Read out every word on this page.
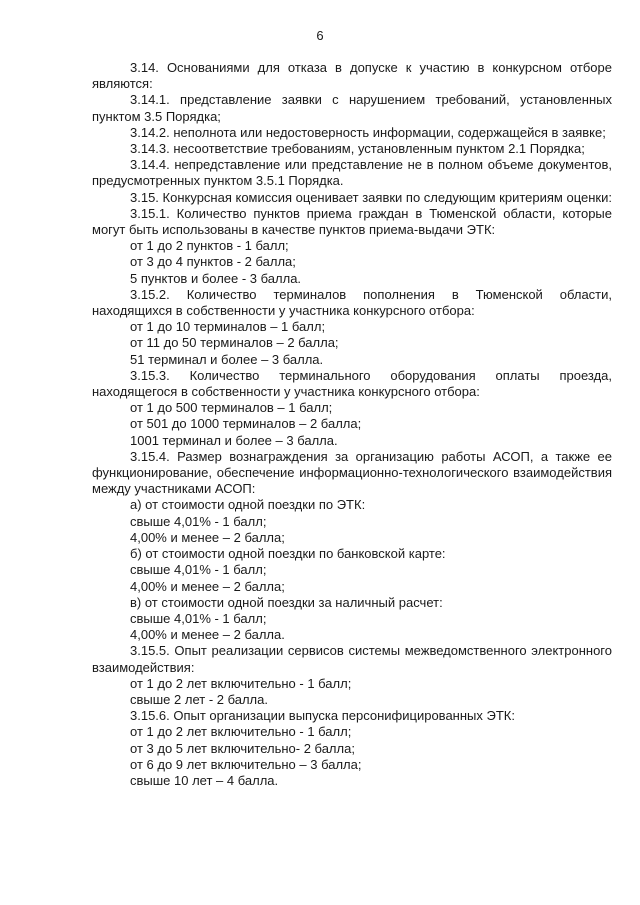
6

3.14. Основаниями для отказа в допуске к участию в конкурсном отборе являются:

3.14.1. представление заявки с нарушением требований, установленных пунктом 3.5 Порядка;

3.14.2. неполнота или недостоверность информации, содержащейся в заявке;

3.14.3. несоответствие требованиям, установленным пунктом 2.1 Порядка;

3.14.4. непредставление или представление не в полном объеме документов, предусмотренных пунктом 3.5.1 Порядка.

3.15. Конкурсная комиссия оценивает заявки по следующим критериям оценки:

3.15.1. Количество пунктов приема граждан в Тюменской области, которые могут быть использованы в качестве пунктов приема-выдачи ЭТК:

от 1 до 2 пунктов - 1 балл;

от 3 до 4 пунктов - 2 балла;

5 пунктов и более - 3 балла.

3.15.2. Количество терминалов пополнения в Тюменской области, находящихся в собственности у участника конкурсного отбора:

от 1 до 10 терминалов – 1 балл;

от 11 до 50 терминалов – 2 балла;

51 терминал и более – 3 балла.

3.15.3. Количество терминального оборудования оплаты проезда, находящегося в собственности у участника конкурсного отбора:

от 1 до 500 терминалов – 1 балл;

от 501 до 1000 терминалов – 2 балла;

1001 терминал и более – 3 балла.

3.15.4. Размер вознаграждения за организацию работы АСОП, а также ее функционирование, обеспечение информационно-технологического взаимодействия между участниками АСОП:

а) от стоимости одной поездки по ЭТК:

свыше 4,01% - 1 балл;

4,00% и менее – 2 балла;

б) от стоимости одной поездки по банковской карте:

свыше 4,01% - 1 балл;

4,00% и менее – 2 балла;

в) от стоимости одной поездки за наличный расчет:

свыше 4,01% - 1 балл;

4,00% и менее – 2 балла.

3.15.5. Опыт реализации сервисов системы межведомственного электронного взаимодействия:

от 1 до 2 лет включительно - 1 балл;

свыше 2 лет - 2 балла.

3.15.6. Опыт организации выпуска персонифицированных ЭТК:

от 1 до 2 лет включительно - 1 балл;

от 3 до 5 лет включительно- 2 балла;

от 6 до 9 лет включительно – 3 балла;

свыше 10 лет – 4 балла.
